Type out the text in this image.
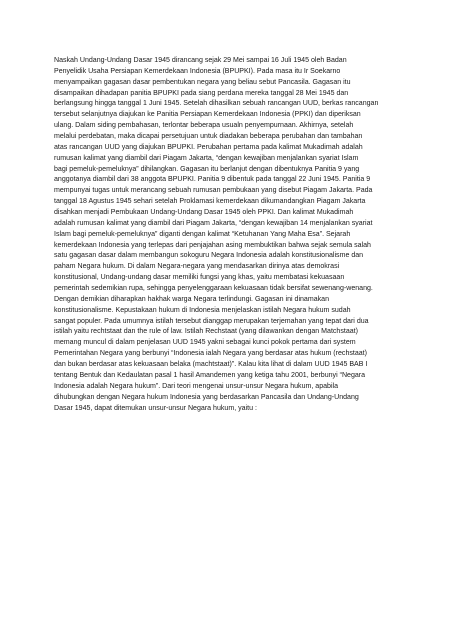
Naskah Undang-Undang Dasar 1945 dirancang sejak 29 Mei sampai 16 Juli 1945 oleh Badan
Penyelidik Usaha Persiapan Kemerdekaan Indonesia (BPUPKI). Pada masa itu Ir Soekarno
menyampaikan gagasan dasar pembentukan negara yang beliau sebut Pancasila. Gagasan itu
disampaikan dihadapan panitia BPUPKI pada siang perdana mereka tanggal 28 Mei 1945 dan
berlangsung hingga tanggal 1 Juni 1945. Setelah dihasilkan sebuah rancangan UUD, berkas rancangan
tersebut selanjutnya diajukan ke Panitia Persiapan Kemerdekaan Indonesia (PPKI) dan diperiksan
ulang. Dalam siding pembahasan, terlontar beberapa usualn penyempurnaan. Akhirnya, setelah
melalui perdebatan, maka dicapai persetujuan untuk diadakan beberapa perubahan dan tambahan
atas rancangan UUD yang diajukan BPUPKI. Perubahan pertama pada kalimat Mukadimah adalah
rumusan kalimat yang diambil dari Piagam Jakarta, “dengan kewajiban menjalankan syariat Islam
bagi pemeluk-pemeluknya” dihilangkan. Gagasan itu berlanjut dengan dibentuknya Panitia 9 yang
anggotanya diambil dari 38 anggota BPUPKI. Panitia 9 dibentuk pada tanggal 22 Juni 1945. Panitia 9
mempunyai tugas untuk merancang sebuah rumusan pembukaan yang disebut Piagam Jakarta. Pada
tanggal 18 Agustus 1945 sehari setelah Proklamasi kemerdekaan dikumandangkan Piagam Jakarta
disahkan menjadi Pembukaan Undang-Undang Dasar 1945 oleh PPKI. Dan kalimat Mukadimah
adalah rumusan kalimat yang diambil dari Piagam Jakarta, “dengan kewajiban 14 menjalankan syariat
Islam bagi pemeluk-pemeluknya” diganti dengan kalimat “Ketuhanan Yang Maha Esa”. Sejarah
kemerdekaan Indonesia yang terlepas dari penjajahan asing membuktikan bahwa sejak semula salah
satu gagasan dasar dalam membangun sokoguru Negara Indonesia adalah konstitusionalisme dan
paham Negara hukum. Di dalam Negara-negara yang mendasarkan dirinya atas demokrasi
konstitusional, Undang-undang dasar memiliki fungsi yang khas, yaitu membatasi kekuasaan
pemerintah sedemikian rupa, sehingga penyelenggaraan kekuasaan tidak bersifat sewenang-wenang.
Dengan demikian diharapkan hakhak warga Negara terlindungi. Gagasan ini dinamakan
konstitusionalisme. Kepustakaan hukum di Indonesia menjelaskan istilah Negara hukum sudah
sangat populer. Pada umumnya istilah tersebut dianggap merupakan terjemahan yang tepat dari dua
istilah yaitu rechtstaat dan the rule of law. Istilah Rechstaat (yang dilawankan dengan Matchstaat)
memang muncul di dalam penjelasan UUD 1945 yakni sebagai kunci pokok pertama dari system
Pemerintahan Negara yang berbunyi “Indonesia ialah Negara yang berdasar atas hukum (rechstaat)
dan bukan berdasar atas kekuasaan belaka (machtstaat)”. Kalau kita lihat di dalam UUD 1945 BAB I
tentang Bentuk dan Kedaulatan pasal 1 hasil Amandemen yang ketiga tahu 2001, berbunyi “Negara
Indonesia adalah Negara hukum”. Dari teori mengenai unsur-unsur Negara hukum, apabila
dihubungkan dengan Negara hukum Indonesia yang berdasarkan Pancasila dan Undang-Undang
Dasar 1945, dapat ditemukan unsur-unsur Negara hukum, yaitu :
